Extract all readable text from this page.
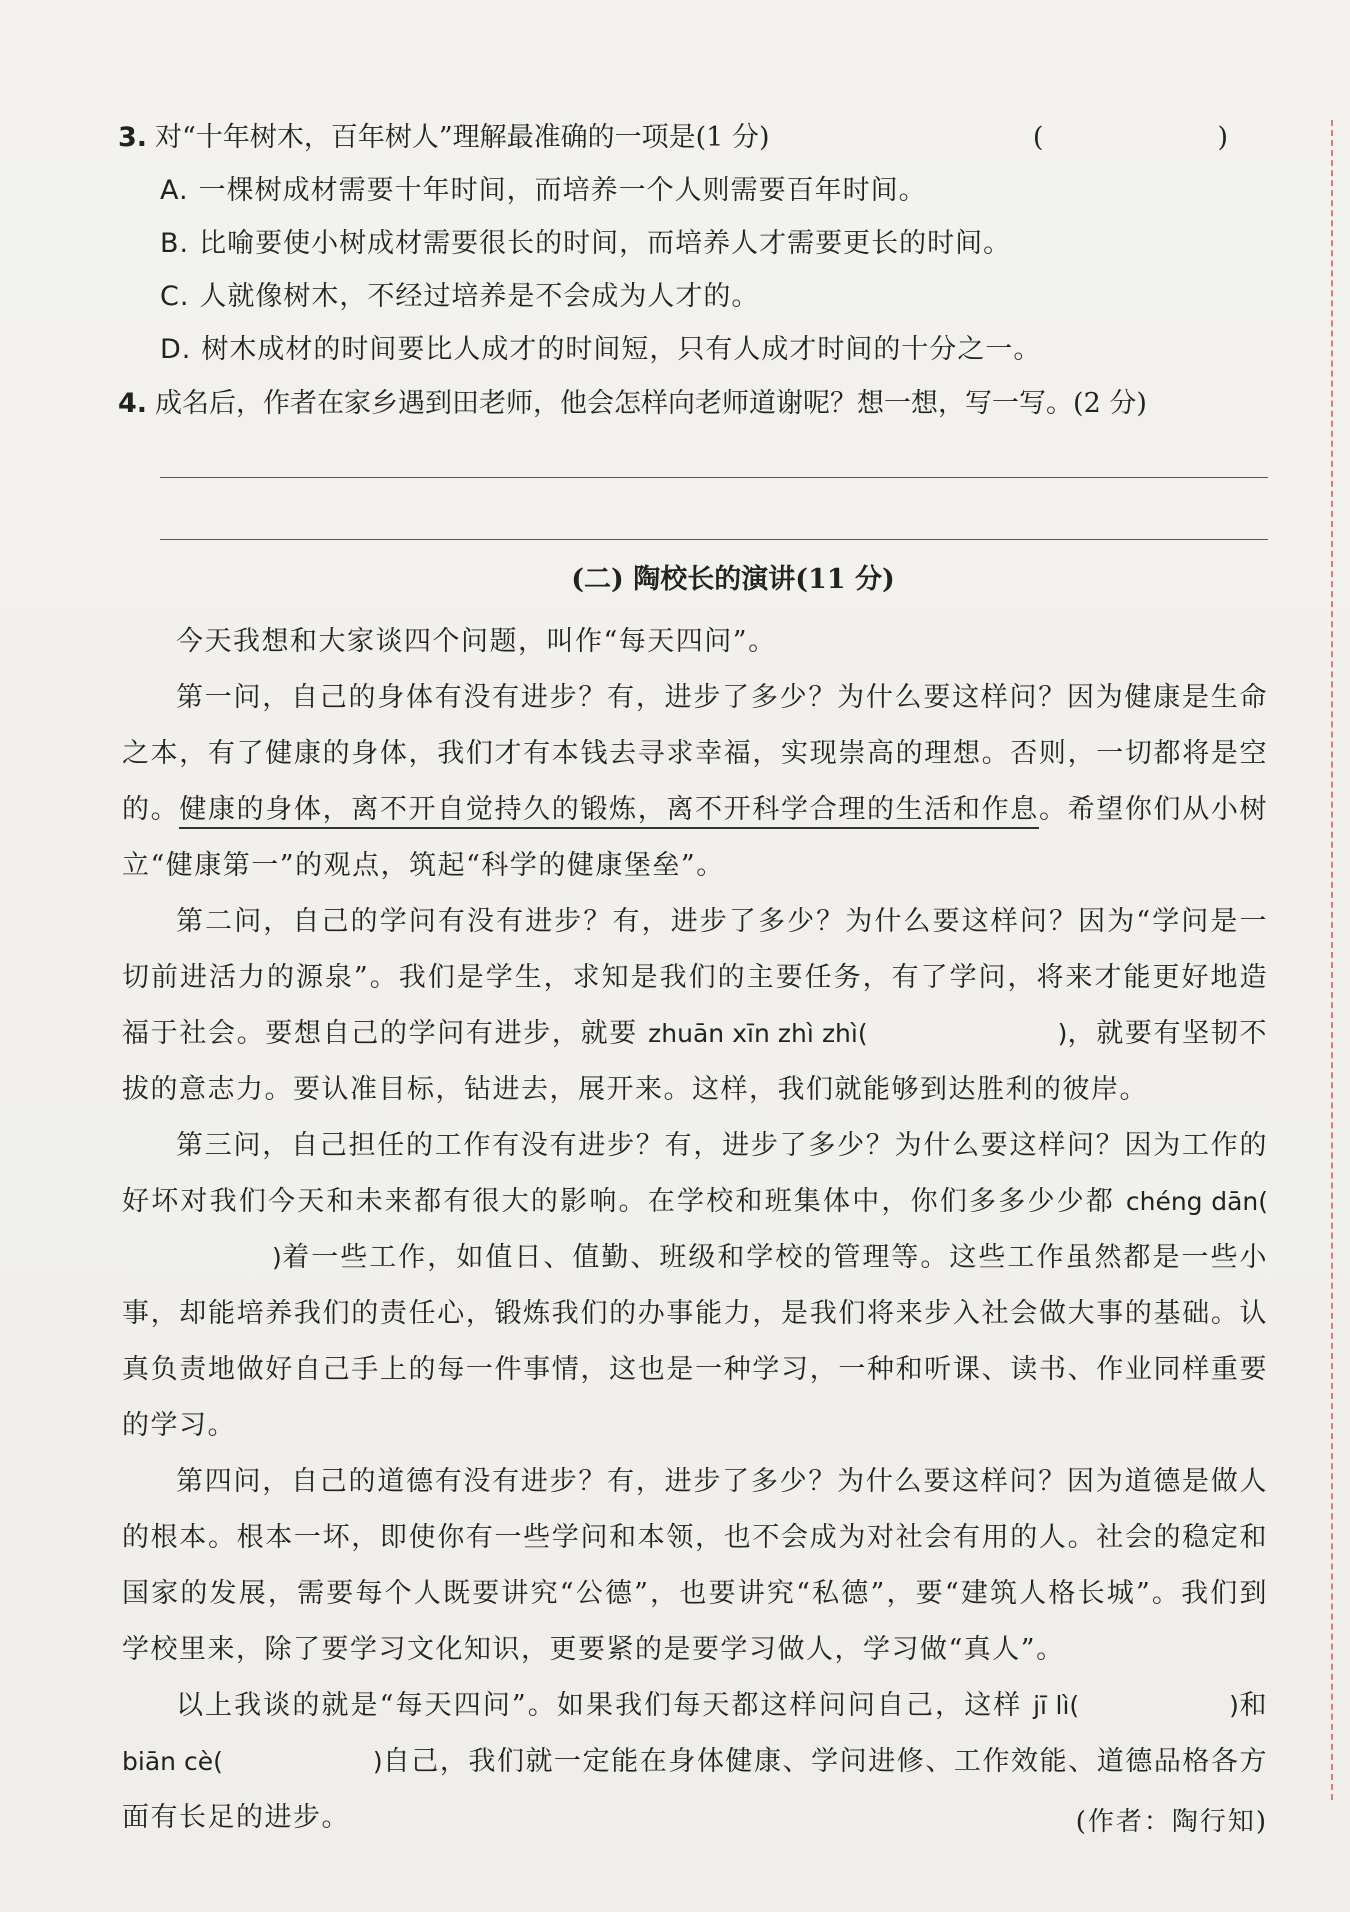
3. 对“十年树木，百年树人”理解最准确的一项是(1 分)	(　　)
A. 一棵树成材需要十年时间，而培养一个人则需要百年时间。
B. 比喻要使小树成材需要很长的时间，而培养人才需要更长的时间。
C. 人就像树木，不经过培养是不会成为人才的。
D. 树木成材的时间要比人成才的时间短，只有人成才时间的十分之一。
4. 成名后，作者在家乡遇到田老师，他会怎样向老师道谢呢？想一想，写一写。(2 分)
(二) 陶校长的演讲(11 分)

今天我想和大家谈四个问题，叫作“每天四问”。

第一问，自己的身体有没有进步？有，进步了多少？为什么要这样问？因为健康是生命之本，有了健康的身体，我们才有本钱去寻求幸福，实现崇高的理想。否则，一切都将是空的。健康的身体，离不开自觉持久的锻炼，离不开科学合理的生活和作息。希望你们从小树立“健康第一”的观点，筑起“科学的健康堡垒”。

第二问，自己的学问有没有进步？有，进步了多少？为什么要这样问？因为“学问是一切前进活力的源泉”。我们是学生，求知是我们的主要任务，有了学问，将来才能更好地造福于社会。要想自己的学问有进步，就要 zhuān xīn zhì zhì(	)，就要有坚韧不拔的意志力。要认准目标，钻进去，展开来。这样，我们就能够到达胜利的彼岸。

第三问，自己担任的工作有没有进步？有，进步了多少？为什么要这样问？因为工作的好坏对我们今天和未来都有很大的影响。在学校和班集体中，你们多多少少都 chéng dān()着一些工作，如值日、值勤、班级和学校的管理等。这些工作虽然都是一些小事，却能培养我们的责任心，锻炼我们的办事能力，是我们将来步入社会做大事的基础。认真负责地做好自己手上的每一件事情，这也是一种学习，一种和听课、读书、作业同样重要的学习。

第四问，自己的道德有没有进步？有，进步了多少？为什么要这样问？因为道德是做人的根本。根本一坏，即使你有一些学问和本领，也不会成为对社会有用的人。社会的稳定和国家的发展，需要每个人既要讲究“公德”，也要讲究“私德”，要“建筑人格长城”。我们到学校里来，除了要学习文化知识，更要紧的是要学习做人，学习做“真人”。

以上我谈的就是“每天四问”。如果我们每天都这样问问自己，这样 jī lì(	)和 biān cè(	)自己，我们就一定能在身体健康、学问进修、工作效能、道德品格各方面有长足的进步。	(作者：陶行知)
